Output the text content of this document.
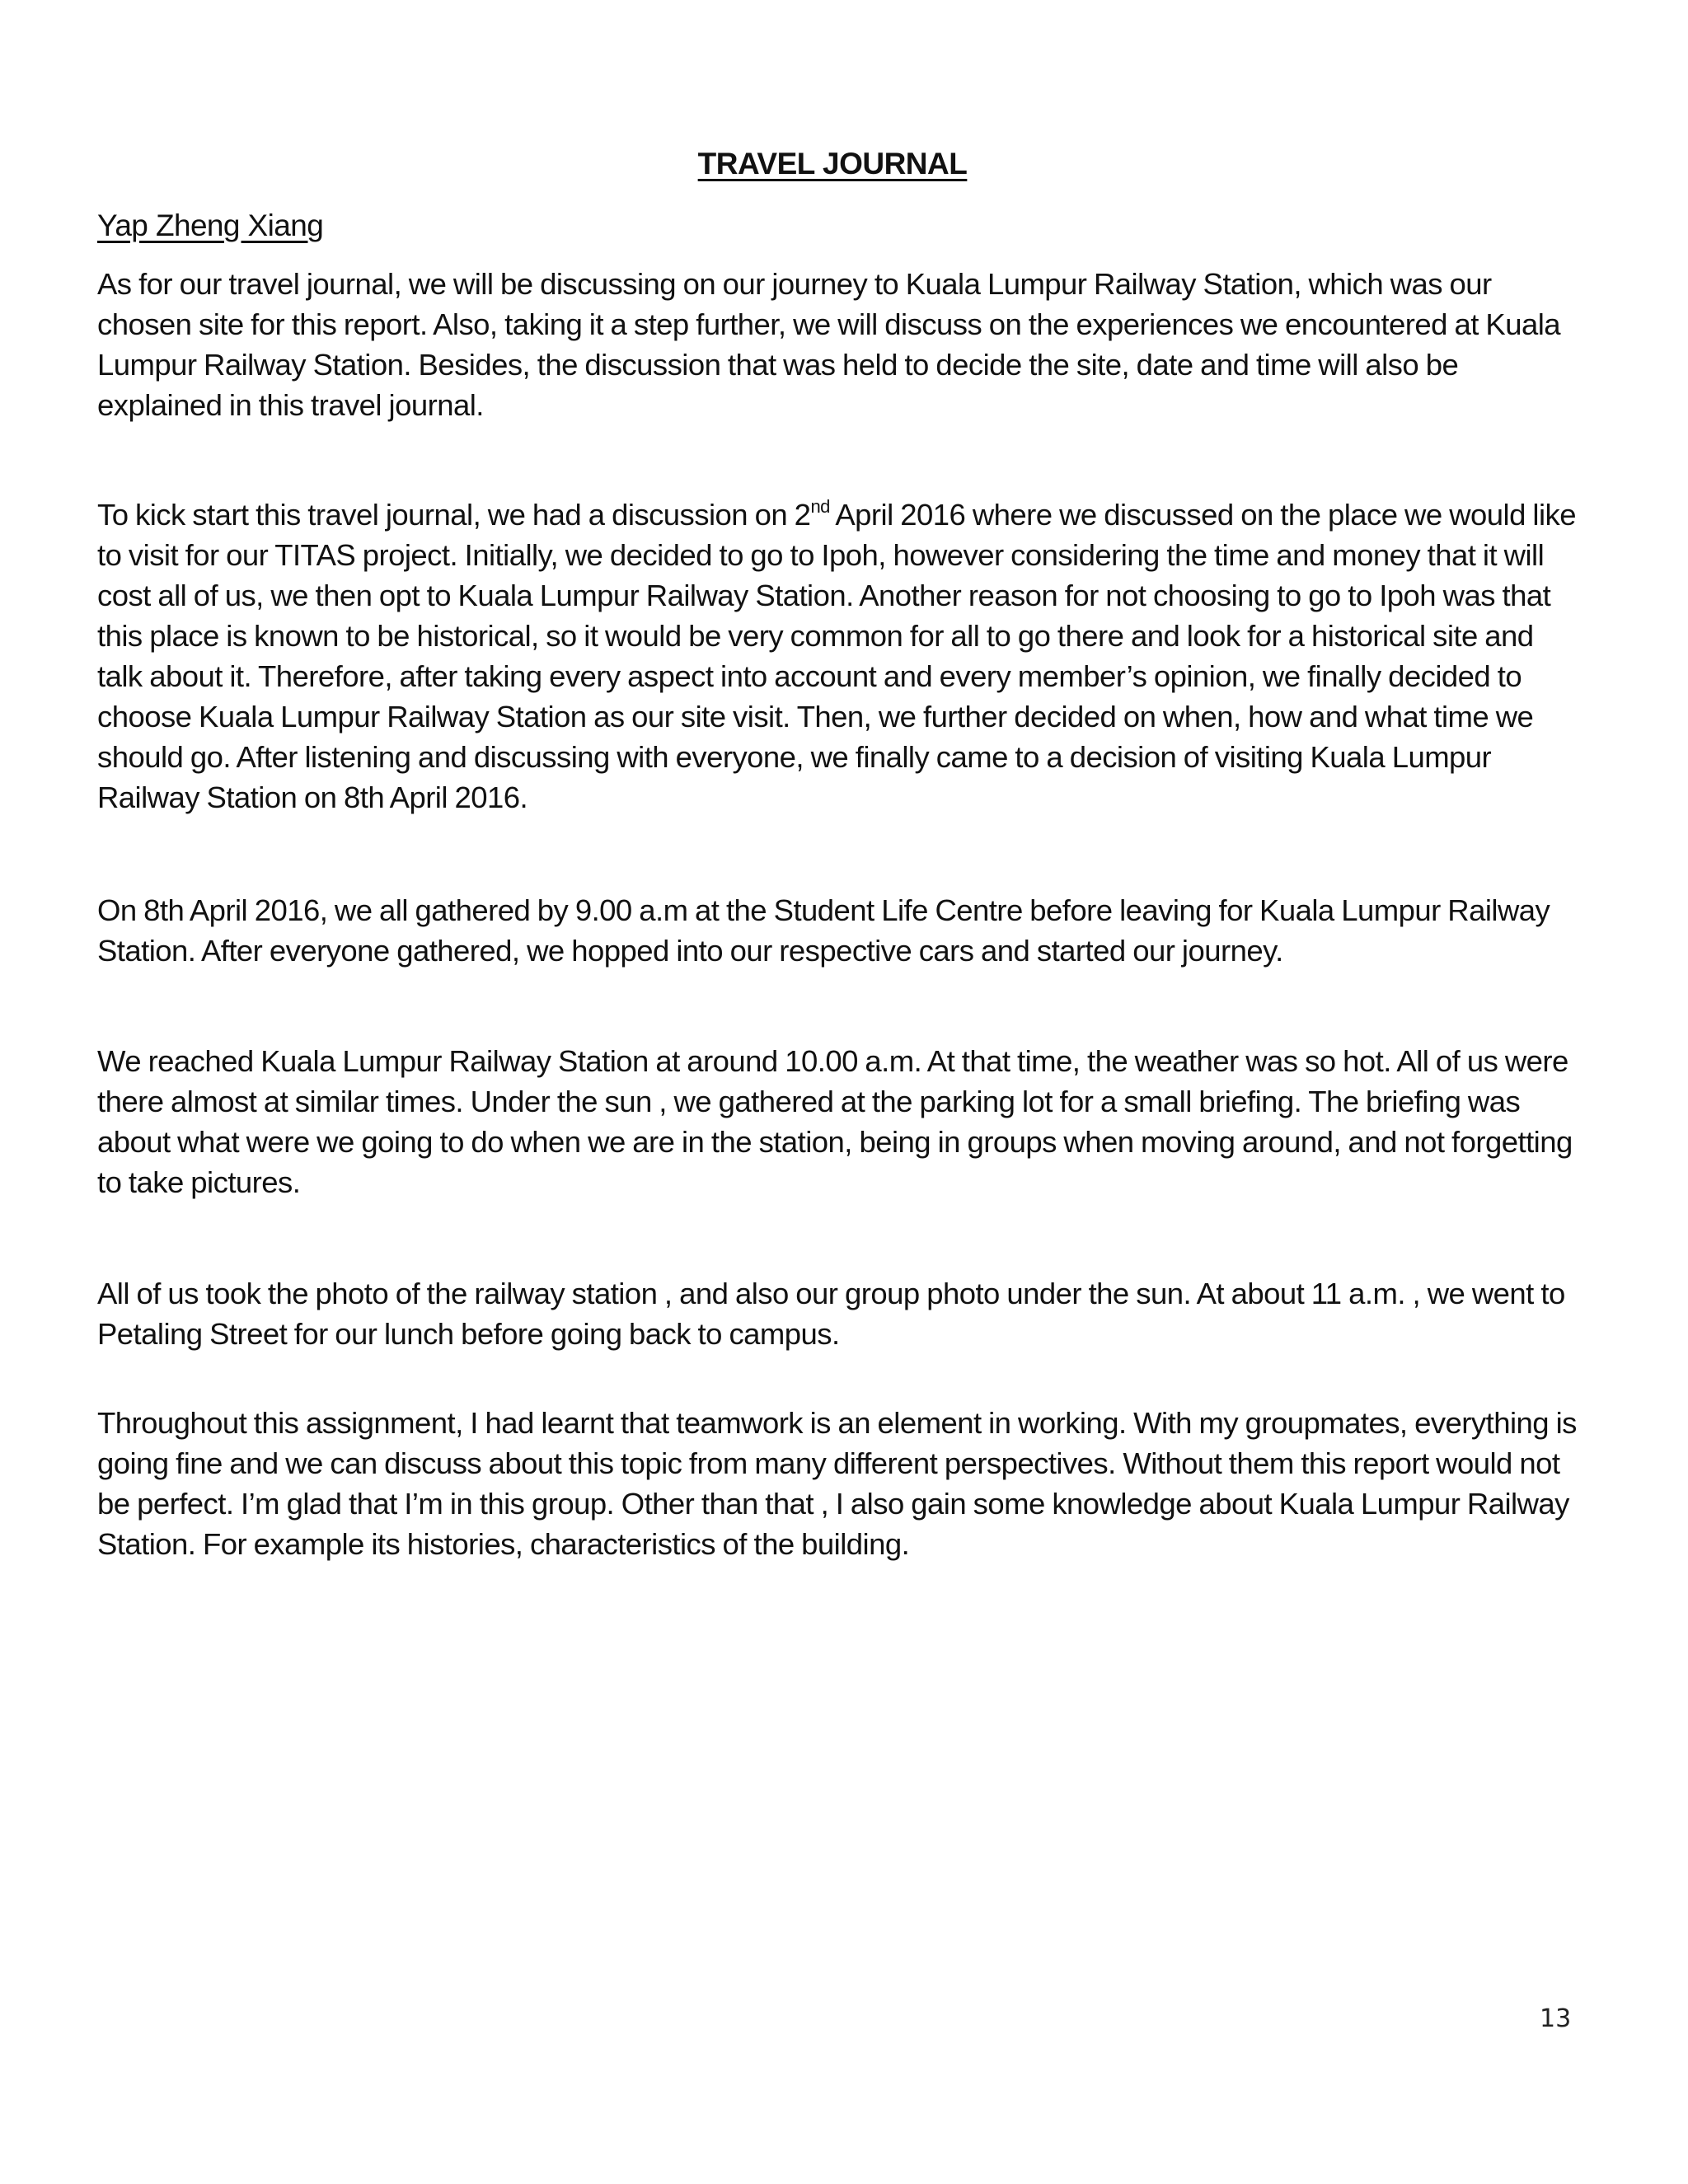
TRAVEL JOURNAL
Yap Zheng Xiang

As for our travel journal, we will be discussing on our journey to Kuala Lumpur Railway Station, which was our chosen site for this report. Also, taking it a step further, we will discuss on the experiences we encountered at Kuala Lumpur Railway Station. Besides, the discussion that was held to decide the site, date and time will also be explained in this travel journal.

To kick start this travel journal, we had a discussion on 2nd April 2016 where we discussed on the place we would like to visit for our TITAS project. Initially, we decided to go to Ipoh, however considering the time and money that it will cost all of us, we then opt to Kuala Lumpur Railway Station. Another reason for not choosing to go to Ipoh was that this place is known to be historical, so it would be very common for all to go there and look for a historical site and talk about it. Therefore, after taking every aspect into account and every member’s opinion, we finally decided to choose Kuala Lumpur Railway Station as our site visit. Then, we further decided on when, how and what time we should go. After listening and discussing with everyone, we finally came to a decision of visiting Kuala Lumpur Railway Station on 8th April 2016.

On 8th April 2016, we all gathered by 9.00 a.m at the Student Life Centre before leaving for Kuala Lumpur Railway Station. After everyone gathered, we hopped into our respective cars and started our journey.

We reached Kuala Lumpur Railway Station at around 10.00 a.m. At that time, the weather was so hot. All of us were there almost at similar times. Under the sun , we gathered at the parking lot for a small briefing. The briefing was about what were we going to do when we are in the station, being in groups when moving around, and not forgetting to take pictures.

All of us took the photo of the railway station , and also our group photo under the sun. At about 11 a.m. , we went to Petaling Street for our lunch before going back to campus.

Throughout this assignment, I had learnt that teamwork is an element in working. With my groupmates, everything is going fine and we can discuss about this topic from many different perspectives. Without them this report would not be perfect. I’m glad that I’m in this group. Other than that , I also gain some knowledge about Kuala Lumpur Railway Station. For example its histories, characteristics of the building.

13
